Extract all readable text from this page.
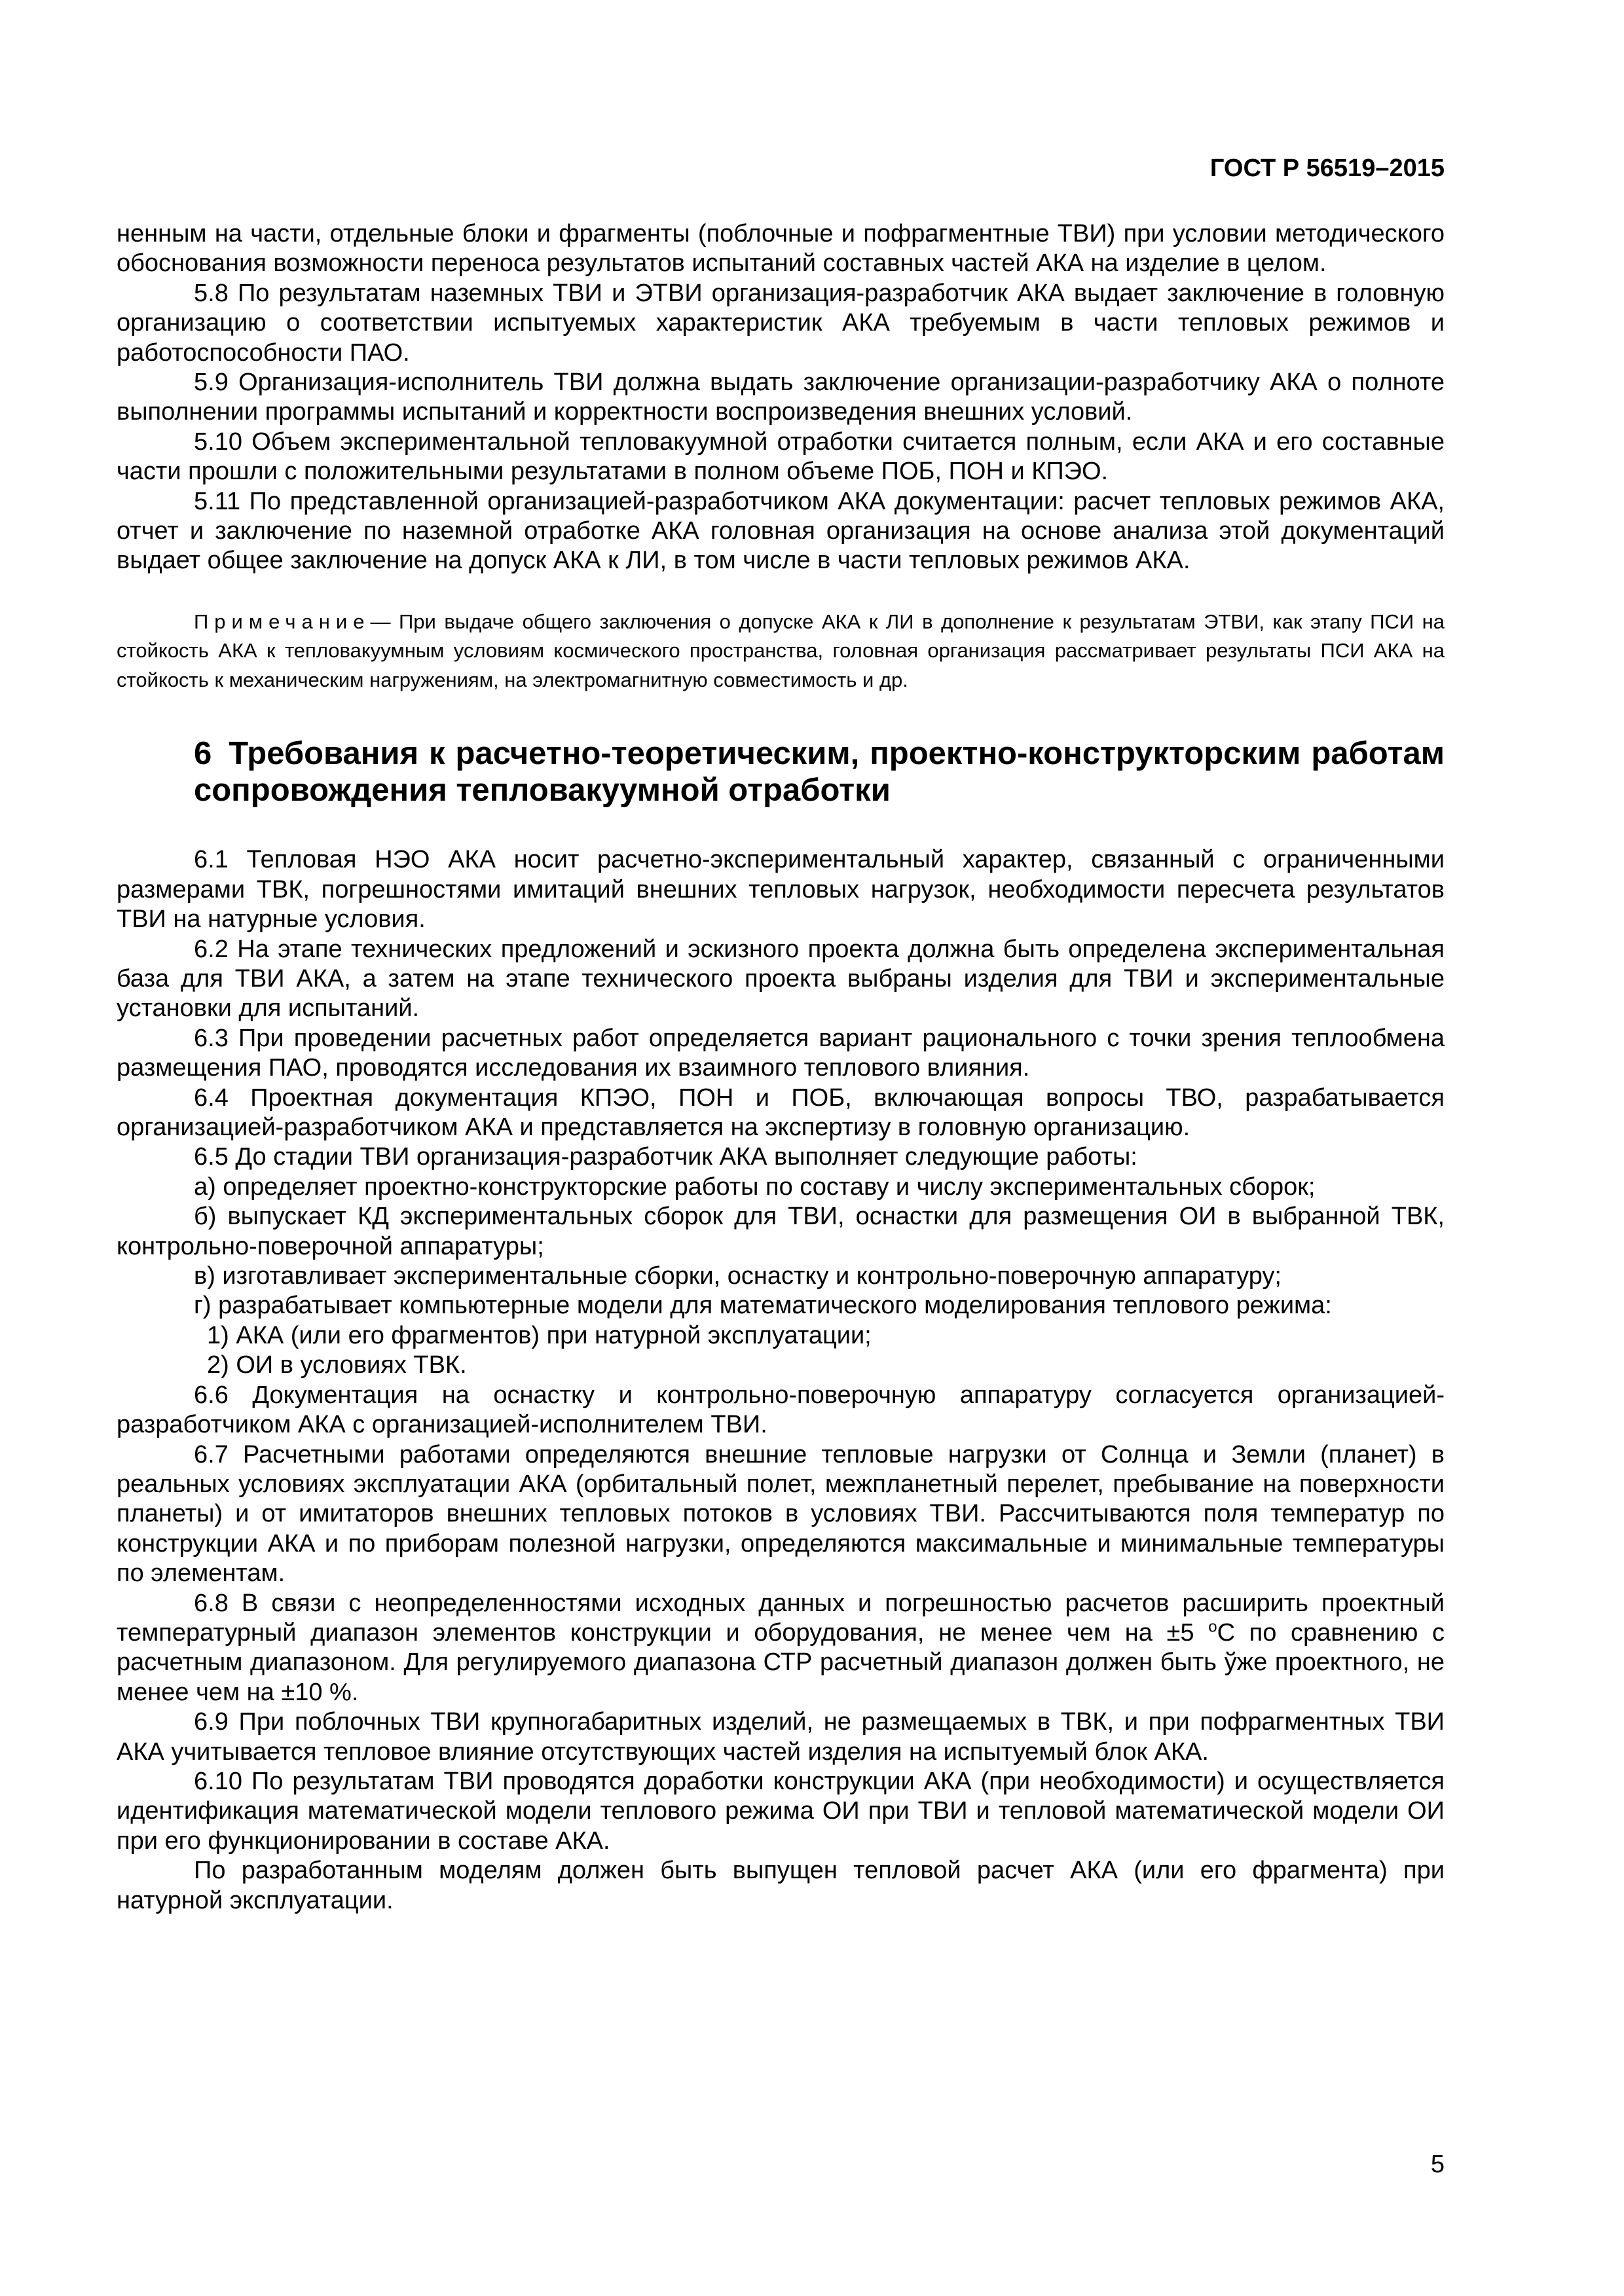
ГОСТ Р 56519–2015

ненным на части, отдельные блоки и фрагменты (поблочные и пофрагментные ТВИ) при условии методического обоснования возможности переноса результатов испытаний составных частей АКА на изделие в целом.

5.8 По результатам наземных ТВИ и ЭТВИ организация-разработчик АКА выдает заключение в головную организацию о соответствии испытуемых характеристик АКА требуемым в части тепловых режимов и работоспособности ПАО.

5.9 Организация-исполнитель ТВИ должна выдать заключение организации-разработчику АКА о полноте выполнении программы испытаний и корректности воспроизведения внешних условий.

5.10 Объем экспериментальной тепловакуумной отработки считается полным, если АКА и его составные части прошли с положительными результатами в полном объеме ПОБ, ПОН и КПЭО.

5.11 По представленной организацией-разработчиком АКА документации: расчет тепловых режимов АКА, отчет и заключение по наземной отработке АКА головная организация на основе анализа этой документаций выдает общее заключение на допуск АКА к ЛИ, в том числе в части тепловых режимов АКА.

Примечание— При выдаче общего заключения о допуске АКА к ЛИ в дополнение к результатам ЭТВИ, как этапу ПСИ на стойкость АКА к тепловакуумным условиям космического пространства, головная организация рассматривает результаты ПСИ АКА на стойкость к механическим нагружениям, на электромагнитную совместимость и др.

6 Требования к расчетно-теоретическим, проектно-конструкторским работам сопровождения тепловакуумной отработки

6.1 Тепловая НЭО АКА носит расчетно-экспериментальный характер, связанный с ограниченными размерами ТВК, погрешностями имитаций внешних тепловых нагрузок, необходимости пересчета результатов ТВИ на натурные условия.

6.2 На этапе технических предложений и эскизного проекта должна быть определена экспериментальная база для ТВИ АКА, а затем на этапе технического проекта выбраны изделия для ТВИ и экспериментальные установки для испытаний.

6.3 При проведении расчетных работ определяется вариант рационального с точки зрения теплообмена размещения ПАО, проводятся исследования их взаимного теплового влияния.

6.4 Проектная документация КПЭО, ПОН и ПОБ, включающая вопросы ТВО, разрабатывается организацией-разработчиком АКА и представляется на экспертизу в головную организацию.

6.5 До стадии ТВИ организация-разработчик АКА выполняет следующие работы:

а) определяет проектно-конструкторские работы по составу и числу экспериментальных сборок;

б) выпускает КД экспериментальных сборок для ТВИ, оснастки для размещения ОИ в выбранной ТВК, контрольно-поверочной аппаратуры;

в) изготавливает экспериментальные сборки, оснастку и контрольно-поверочную аппаратуру;

г) разрабатывает компьютерные модели для математического моделирования теплового режима:

1) АКА (или его фрагментов) при натурной эксплуатации;

2) ОИ в условиях ТВК.

6.6 Документация на оснастку и контрольно-поверочную аппаратуру согласуется организацией-разработчиком АКА с организацией-исполнителем ТВИ.

6.7 Расчетными работами определяются внешние тепловые нагрузки от Солнца и Земли (планет) в реальных условиях эксплуатации АКА (орбитальный полет, межпланетный перелет, пребывание на поверхности планеты) и от имитаторов внешних тепловых потоков в условиях ТВИ. Рассчитываются поля температур по конструкции АКА и по приборам полезной нагрузки, определяются максимальные и минимальные температуры по элементам.

6.8 В связи с неопределенностями исходных данных и погрешностью расчетов расширить проектный температурный диапазон элементов конструкции и оборудования, не менее чем на ±5 $^o$С по сравнению с расчетным диапазоном. Для регулируемого диапазона СТР расчетный диапазон должен быть ўже проектного, не менее чем на ±10 %.

6.9 При поблочных ТВИ крупногабаритных изделий, не размещаемых в ТВК, и при пофрагментных ТВИ АКА учитывается тепловое влияние отсутствующих частей изделия на испытуемый блок АКА.

6.10 По результатам ТВИ проводятся доработки конструкции АКА (при необходимости) и осуществляется идентификация математической модели теплового режима ОИ при ТВИ и тепловой математической модели ОИ при его функционировании в составе АКА.

По разработанным моделям должен быть выпущен тепловой расчет АКА (или его фрагмента) при натурной эксплуатации.

5
